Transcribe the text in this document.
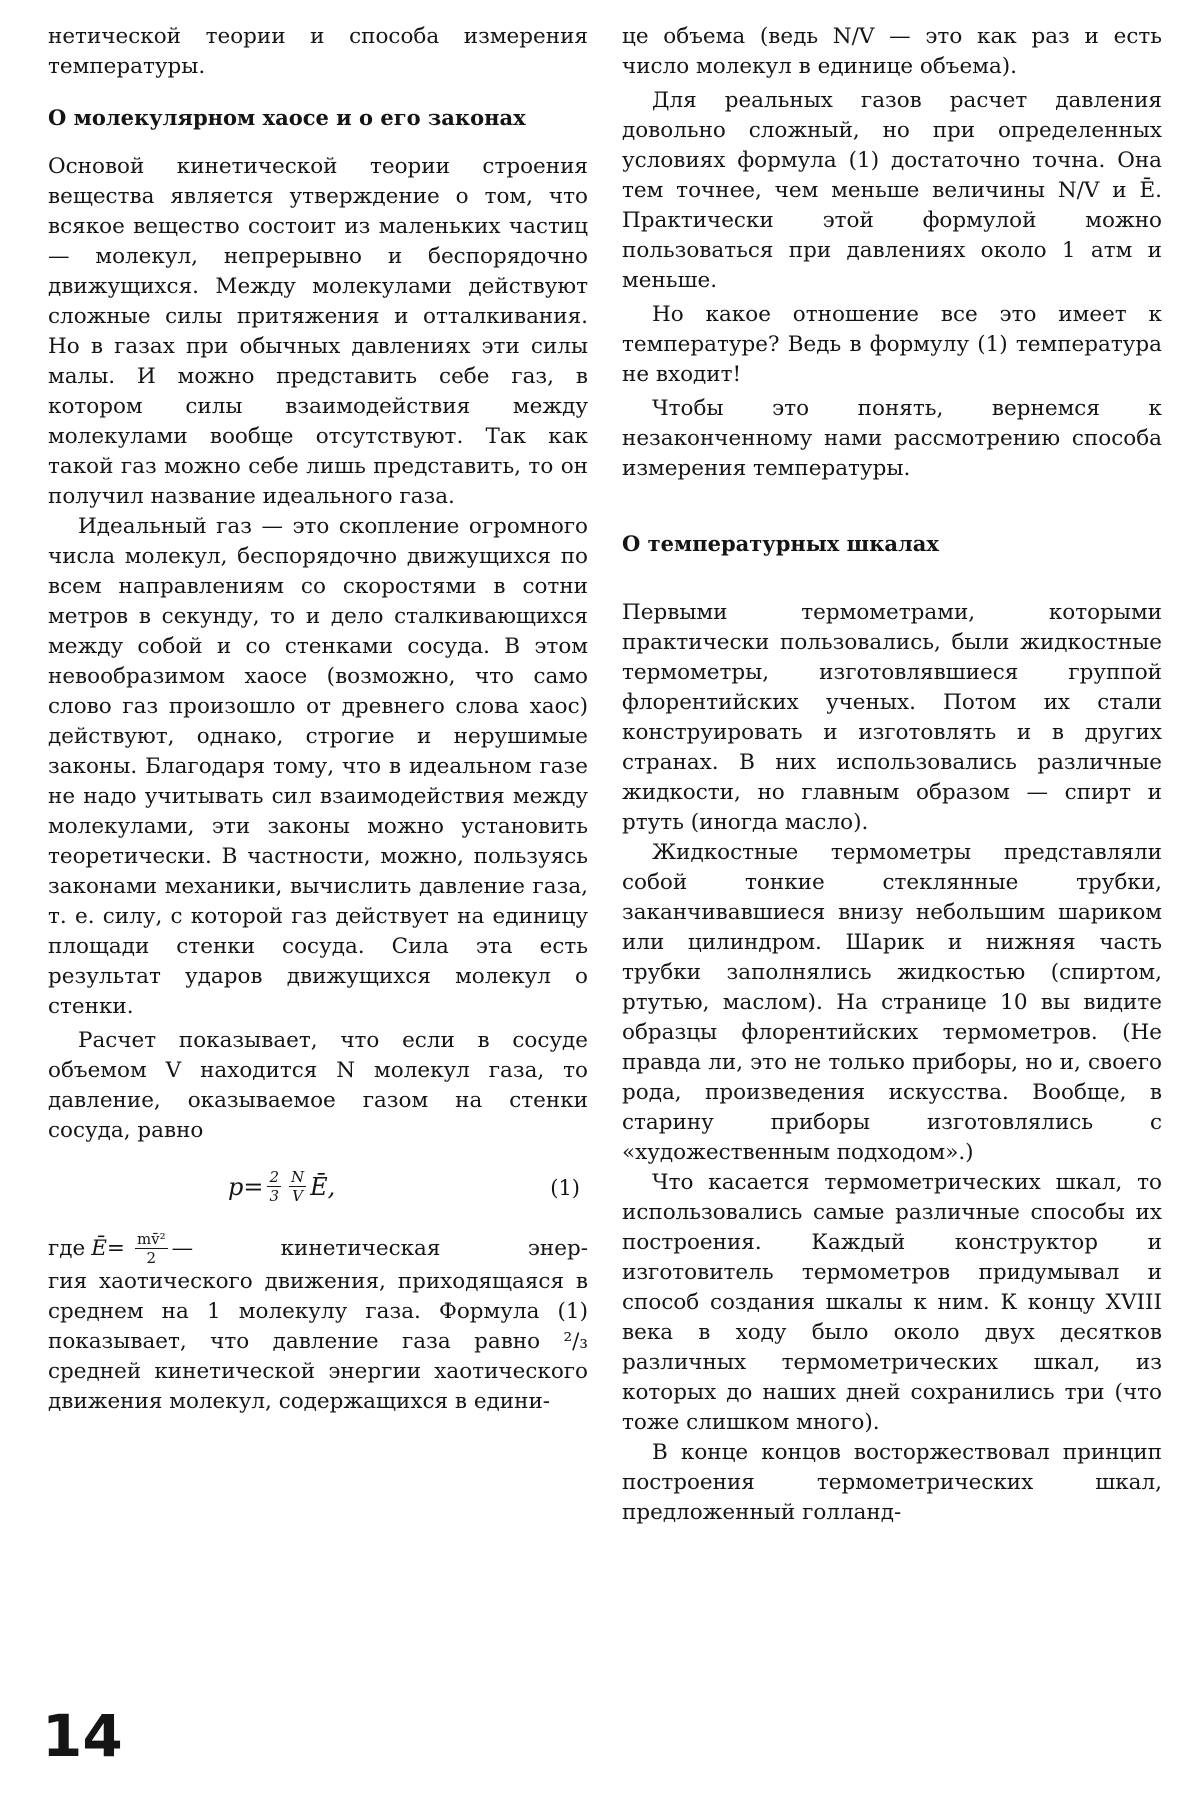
нетической теории и способа измерения температуры.

О молекулярном хаосе и о его законах

Основой кинетической теории строения вещества является утверждение о том, что всякое вещество состоит из маленьких частиц — молекул, непрерывно и беспорядочно движущихся. Между молекулами действуют сложные силы притяжения и отталкивания. Но в газах при обычных давлениях эти силы малы. И можно представить себе газ, в котором силы взаимодействия между молекулами вообще отсутствуют. Так как такой газ можно себе лишь представить, то он получил название идеального газа.

Идеальный газ — это скопление огромного числа молекул, беспорядочно движущихся по всем направлениям со скоростями в сотни метров в секунду, то и дело сталкивающихся между собой и со стенками сосуда. В этом невообразимом хаосе (возможно, что само слово газ произошло от древнего слова хаос) действуют, однако, строгие и нерушимые законы. Благодаря тому, что в идеальном газе не надо учитывать сил взаимодействия между молекулами, эти законы можно установить теоретически. В частности, можно, пользуясь законами механики, вычислить давление газа, т. е. силу, с которой газ действует на единицу площади стенки сосуда. Сила эта есть результат ударов движущихся молекул о стенки.

Расчет показывает, что если в сосуде объемом V находится N молекул газа, то давление, оказываемое газом на стенки сосуда, равно

$p= \frac{2}{3} \frac{N}{V}$ Ē,	(1)
где Ē= $\frac{\text{mv̄²}}{2}$ — кинетическая энер-

гия хаотического движения, приходящаяся в среднем на 1 молекулу газа. Формула (1) показывает, что давление газа равно ²/₃ средней кинетической энергии хаотического движения молекул, содержащихся в едини-

це объема (ведь N/V — это как раз и есть число молекул в единице объема).

Для реальных газов расчет давления довольно сложный, но при определенных условиях формула (1) достаточно точна. Она тем точнее, чем меньше величины N/V и Ē. Практически этой формулой можно пользоваться при давлениях около 1 атм и меньше.

Но какое отношение все это имеет к температуре? Ведь в формулу (1) температура не входит!

Чтобы это понять, вернемся к незаконченному нами рассмотрению способа измерения температуры.

О температурных шкалах

Первыми термометрами, которыми практически пользовались, были жидкостные термометры, изготовлявшиеся группой флорентийских ученых. Потом их стали конструировать и изготовлять и в других странах. В них использовались различные жидкости, но главным образом — спирт и ртуть (иногда масло).

Жидкостные термометры представляли собой тонкие стеклянные трубки, заканчивавшиеся внизу небольшим шариком или цилиндром. Шарик и нижняя часть трубки заполнялись жидкостью (спиртом, ртутью, маслом). На странице 10 вы видите образцы флорентийских термометров. (Не правда ли, это не только приборы, но и, своего рода, произведения искусства. Вообще, в старину приборы изготовлялись с «художественным подходом».)

Что касается термометрических шкал, то использовались самые различные способы их построения. Каждый конструктор и изготовитель термометров придумывал и способ создания шкалы к ним. К концу XVIII века в ходу было около двух десятков различных термометрических шкал, из которых до наших дней сохранились три (что тоже слишком много).

В конце концов восторжествовал принцип построения термометрических шкал, предложенный голланд-

14
